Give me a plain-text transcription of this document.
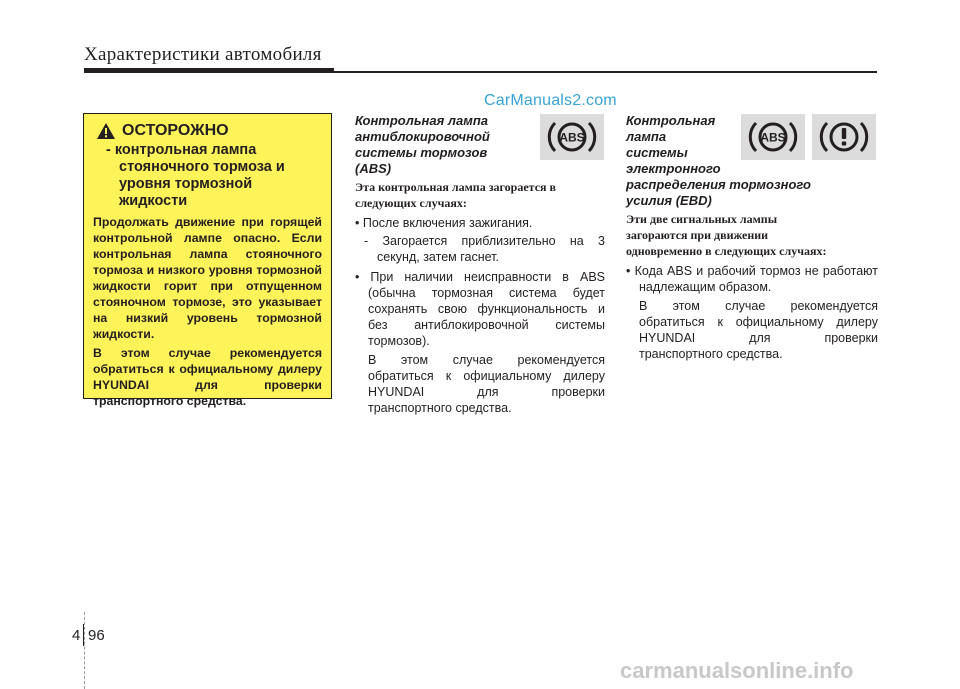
Характеристики автомобиля
CarManuals2.com
ОСТОРОЖНО
- контрольная лампа стояночного тормоза и уровня тормозной жидкости

Продолжать движение при горящей контрольной лампе опасно. Если контрольная лампа стояночного тормоза и низкого уровня тормозной жидкости горит при отпущенном стояночном тормозе, это указывает на низкий уровень тормозной жидкости.

В этом случае рекомендуется обратиться к официальному дилеру HYUNDAI для проверки транспортного средства.

Контрольная лампа
антиблокировочной
системы тормозов
(ABS)
Эта контрольная лампа загорается в следующих случаях:
• После включения зажигания.
- Загорается приблизительно на 3 секунд, затем гаснет.
• При наличии неисправности в ABS (обычна тормозная система будет сохранять свою функциональность и без антиблокировочной системы тормозов).
В этом случае рекомендуется обратиться к официальному дилеру HYUNDAI для проверки
транспортного средства.
ABS
Контрольная
лампа
системы
электронного
распределения тормозного
усилия (EBD)
Эти две сигнальных лампы
загораются при движении
одновременно в следующих случаях:
• Кода ABS и рабочий тормоз не работают надлежащим образом.
В этом случае рекомендуется обратиться к официальному дилеру HYUNDAI для проверки
транспортного средства.
ABS
4 96
carmanualsonline.info
